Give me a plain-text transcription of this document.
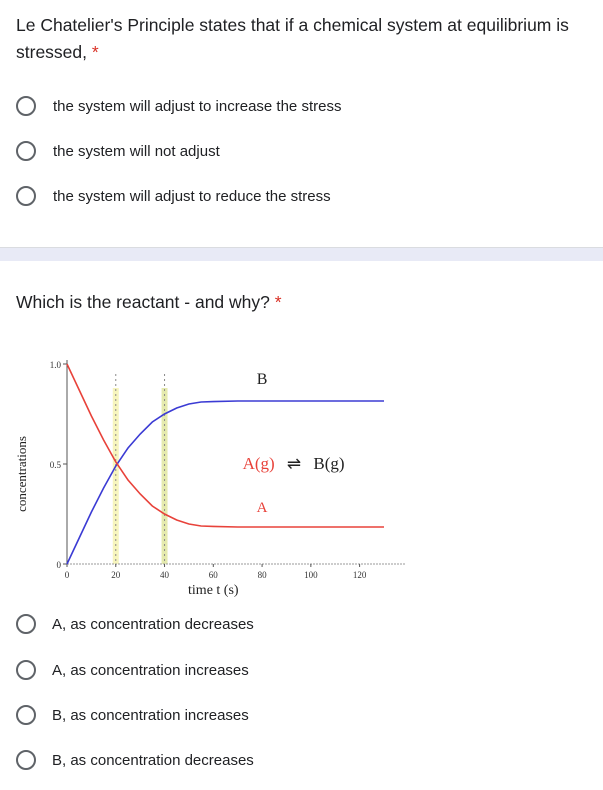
Le Chatelier's Principle states that if a chemical system at equilibrium is stressed, *
the system will adjust to increase the stress
the system will not adjust
the system will adjust to reduce the stress
Which is the reactant - and why? *
1.0
0.5
0
0	20	40	60	80	100	120
B
A
A(g) ⇌ B(g)
time t (s)
concentrations
A, as concentration decreases
A, as concentration increases
B, as concentration increases
B, as concentration decreases
